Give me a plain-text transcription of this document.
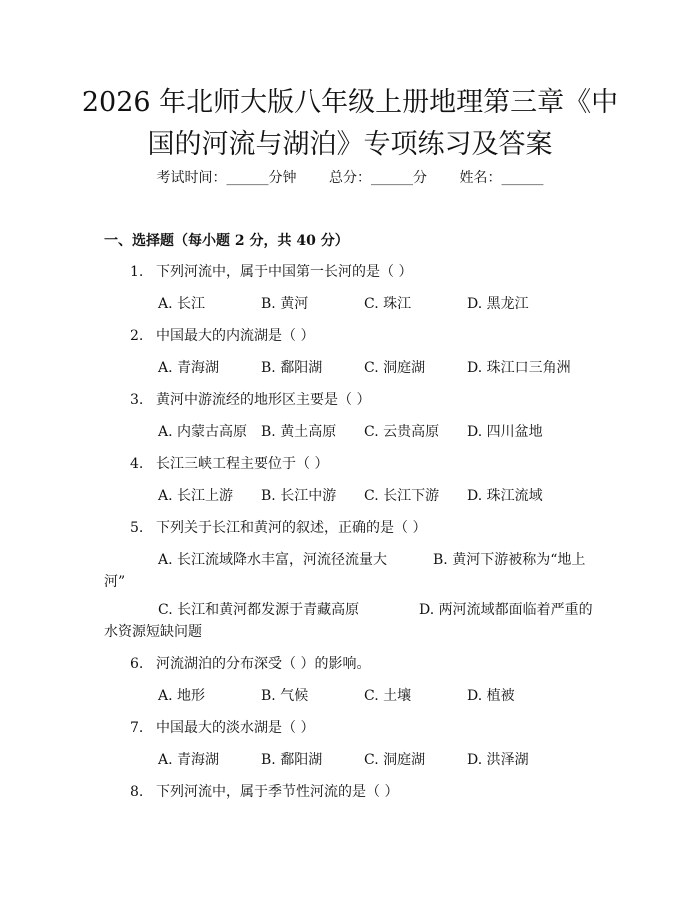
2026 年北师大版八年级上册地理第三章《中
国的河流与湖泊》专项练习及答案
考试时间：______分钟 总分：______分 姓名：______
一、选择题（每小题 2 分，共 40 分）
1. 下列河流中，属于中国第一长河的是（ ）
A. 长江	B. 黄河	C. 珠江	D. 黑龙江
2. 中国最大的内流湖是（ ）
A. 青海湖	B. 鄱阳湖	C. 洞庭湖	D. 珠江口三角洲
3. 黄河中游流经的地形区主要是（ ）
A. 内蒙古高原 B. 黄土高原 C. 云贵高原 D. 四川盆地
4. 长江三峡工程主要位于（ ）
A. 长江上游 B. 长江中游 C. 长江下游 D. 珠江流域
5. 下列关于长江和黄河的叙述，正确的是（ ）
A. 长江流域降水丰富，河流径流量大	B. 黄河下游被称为“地上
河”
C. 长江和黄河都发源于青藏高原	D. 两河流域都面临着严重的
水资源短缺问题
6. 河流湖泊的分布深受（ ）的影响。
A. 地形	B. 气候	C. 土壤	D. 植被
7. 中国最大的淡水湖是（ ）
A. 青海湖	B. 鄱阳湖	C. 洞庭湖	D. 洪泽湖
8. 下列河流中，属于季节性河流的是（ ）
